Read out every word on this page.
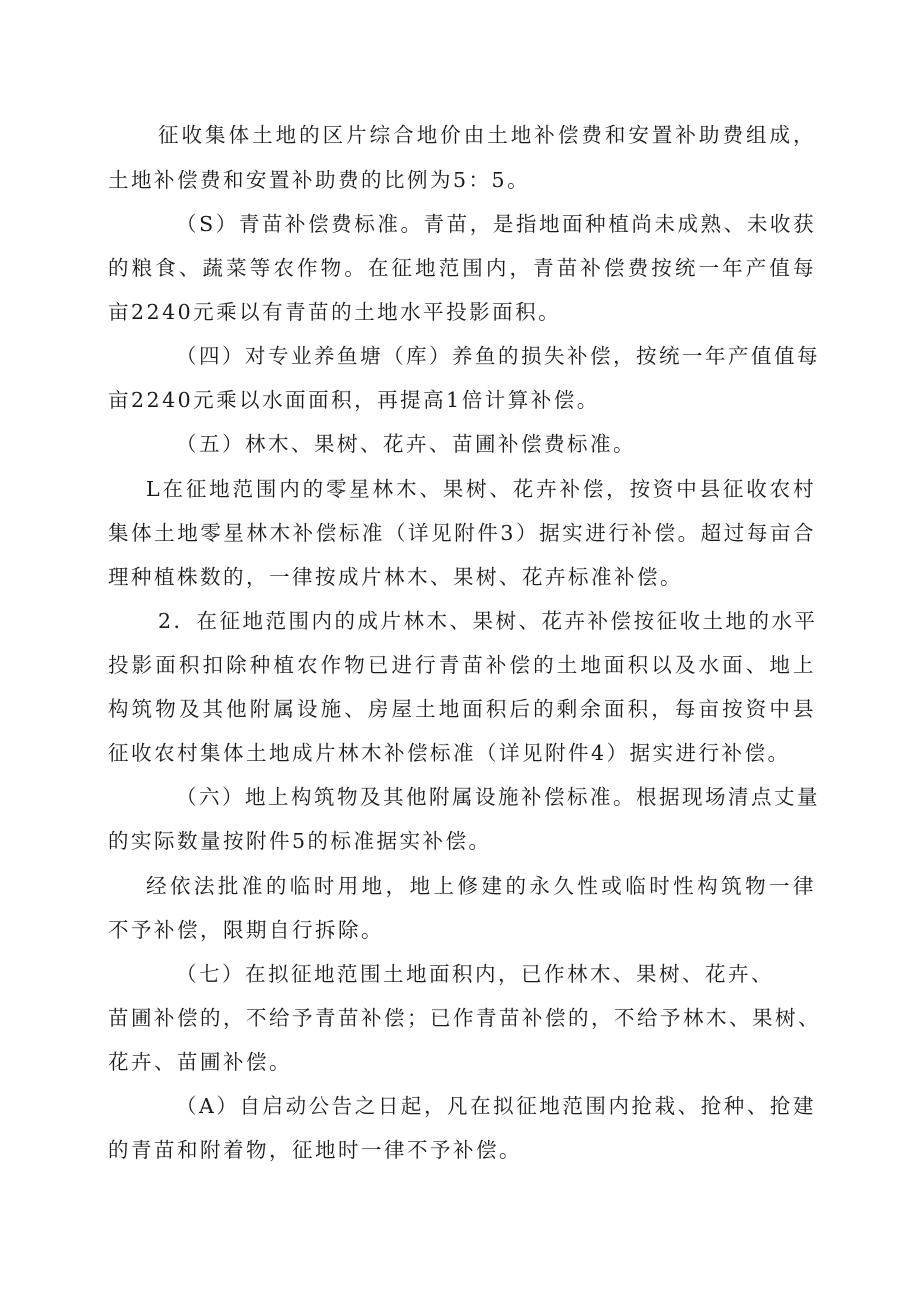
征收集体土地的区片综合地价由土地补偿费和安置补助费组成，
土地补偿费和安置补助费的比例为5：5。
（S）青苗补偿费标准。青苗，是指地面种植尚未成熟、未收获
的粮食、蔬菜等农作物。在征地范围内，青苗补偿费按统一年产值每
亩2240元乘以有青苗的土地水平投影面积。
（四）对专业养鱼塘（库）养鱼的损失补偿，按统一年产值值每
亩2240元乘以水面面积，再提高1倍计算补偿。
（五）林木、果树、花卉、苗圃补偿费标准。
L在征地范围内的零星林木、果树、花卉补偿，按资中县征收农村
集体土地零星林木补偿标准（详见附件3）据实进行补偿。超过每亩合
理种植株数的，一律按成片林木、果树、花卉标准补偿。
2．在征地范围内的成片林木、果树、花卉补偿按征收土地的水平
投影面积扣除种植农作物已进行青苗补偿的土地面积以及水面、地上
构筑物及其他附属设施、房屋土地面积后的剩余面积，每亩按资中县
征收农村集体土地成片林木补偿标准（详见附件4）据实进行补偿。
（六）地上构筑物及其他附属设施补偿标准。根据现场清点丈量
的实际数量按附件5的标准据实补偿。
经依法批准的临时用地，地上修建的永久性或临时性构筑物一律
不予补偿，限期自行拆除。
（七）在拟征地范围土地面积内，已作林木、果树、花卉、
苗圃补偿的，不给予青苗补偿；已作青苗补偿的，不给予林木、果树、
花卉、苗圃补偿。
（A）自启动公告之日起，凡在拟征地范围内抢栽、抢种、抢建
的青苗和附着物，征地时一律不予补偿。
